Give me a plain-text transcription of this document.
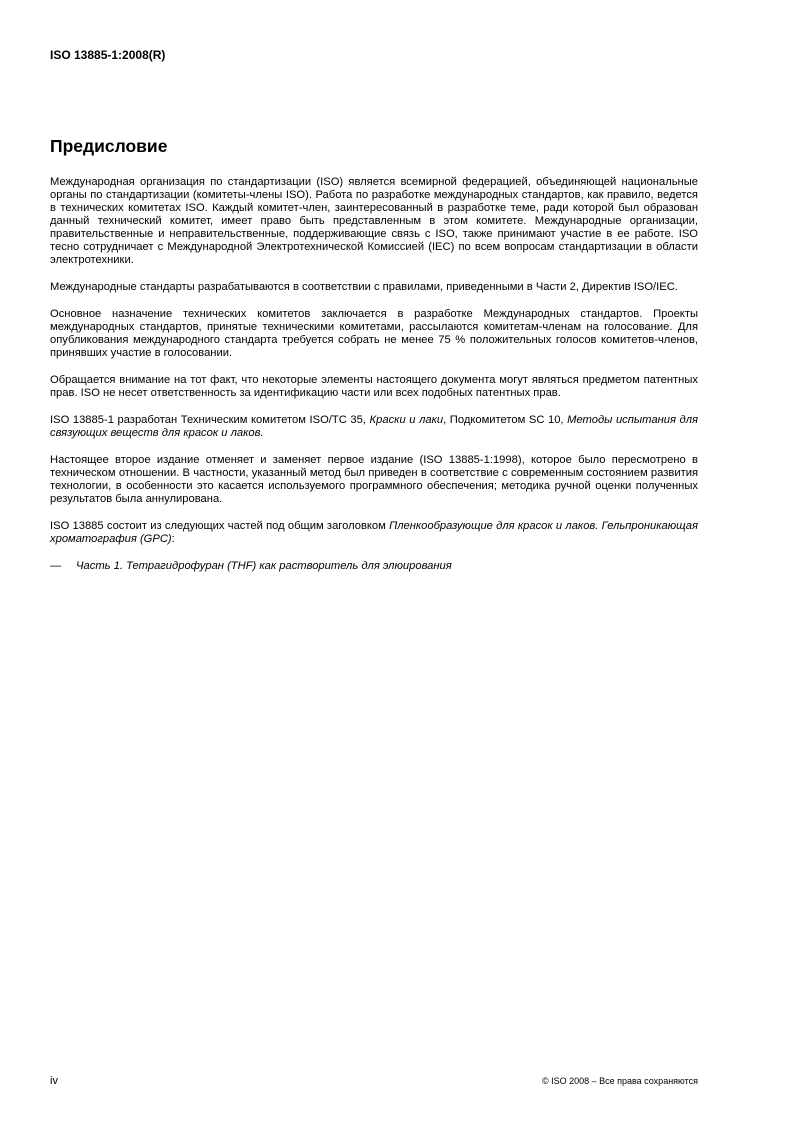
ISO 13885-1:2008(R)
Предисловие

Международная организация по стандартизации (ISO) является всемирной федерацией, объединяющей национальные органы по стандартизации (комитеты-члены ISO). Работа по разработке международных стандартов, как правило, ведется в технических комитетах ISO. Каждый комитет-член, заинтересованный в разработке теме, ради которой был образован данный технический комитет, имеет право быть представленным в этом комитете. Международные организации, правительственные и неправительственные, поддерживающие связь с ISO, также принимают участие в ее работе. ISO тесно сотрудничает с Международной Электротехнической Комиссией (IEC) по всем вопросам стандартизации в области электротехники.

Международные стандарты разрабатываются в соответствии с правилами, приведенными в Части 2, Директив ISO/IEC.

Основное назначение технических комитетов заключается в разработке Международных стандартов. Проекты международных стандартов, принятые техническими комитетами, рассылаются комитетам-членам на голосование. Для опубликования международного стандарта требуется собрать не менее 75 % положительных голосов комитетов-членов, принявших участие в голосовании.

Обращается внимание на тот факт, что некоторые элементы настоящего документа могут являться предметом патентных прав. ISO не несет ответственность за идентификацию части или всех подобных патентных прав.

ISO 13885-1 разработан Техническим комитетом ISO/TC 35, Краски и лаки, Подкомитетом SC 10, Методы испытания для связующих веществ для красок и лаков.

Настоящее второе издание отменяет и заменяет первое издание (ISO 13885-1:1998), которое было пересмотрено в техническом отношении. В частности, указанный метод был приведен в соответствие с современным состоянием развития технологии, в особенности это касается используемого программного обеспечения; методика ручной оценки полученных результатов была аннулирована.

ISO 13885 состоит из следующих частей под общим заголовком Пленкообразующие для красок и лаков. Гельпроникающая хроматография (GPC):

— Часть 1. Тетрагидрофуран (THF) как растворитель для элюирования

iv	© ISO 2008 – Все права сохраняются
